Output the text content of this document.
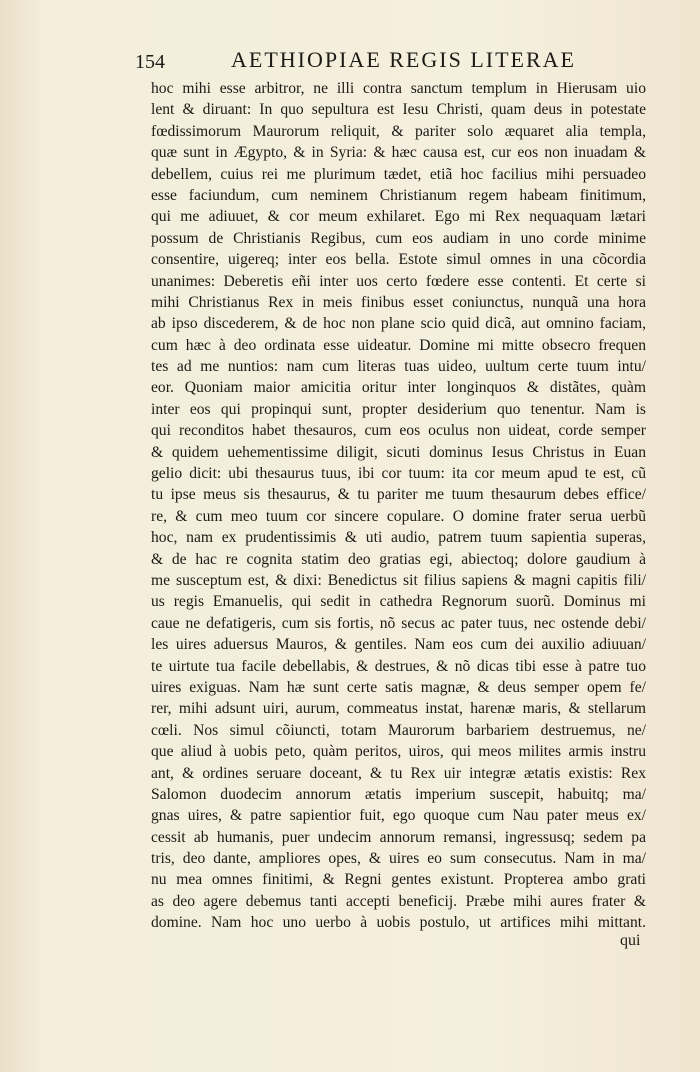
154	AETHIOPIAE REGIS LITERAE
hoc mihi esse arbitror, ne illi contra sanctum templum in Hierusam uio
lent & diruant: In quo sepultura est Iesu Christi, quam deus in potestate
fœdissimorum Maurorum reliquit, & pariter solo æquaret alia templa,
quæ sunt in Ægypto, & in Syria: & hæc causa est, cur eos non inuadam &
debellem, cuius rei me plurimum tædet, etiã hoc facilius mihi persuadeo
esse faciundum, cum neminem Christianum regem habeam finitimum,
qui me adiuuet, & cor meum exhilaret. Ego mi Rex nequaquam lætari
possum de Christianis Regibus, cum eos audiam in uno corde minime
consentire, uigereq; inter eos bella. Estote simul omnes in una cõcordia
unanimes: Deberetis eñi inter uos certo fœdere esse contenti. Et certe si
mihi Christianus Rex in meis finibus esset coniunctus, nunquã una hora
ab ipso discederem, & de hoc non plane scio quid dicã, aut omnino faciam,
cum hæc à deo ordinata esse uideatur. Domine mi mitte obsecro frequen
tes ad me nuntios: nam cum literas tuas uideo, uultum certe tuum intu/
eor. Quoniam maior amicitia oritur inter longinquos & distãtes, quàm
inter eos qui propinqui sunt, propter desiderium quo tenentur. Nam is
qui reconditos habet thesauros, cum eos oculus non uideat, corde semper
& quidem uehementissime diligit, sicuti dominus Iesus Christus in Euan
gelio dicit: ubi thesaurus tuus, ibi cor tuum: ita cor meum apud te est, cũ
tu ipse meus sis thesaurus, & tu pariter me tuum thesaurum debes effice/
re, & cum meo tuum cor sincere copulare. O domine frater serua uerbũ
hoc, nam ex prudentissimis & uti audio, patrem tuum sapientia superas,
& de hac re cognita statim deo gratias egi, abiectoq; dolore gaudium à
me susceptum est, & dixi: Benedictus sit filius sapiens & magni capitis fili/
us regis Emanuelis, qui sedit in cathedra Regnorum suorũ. Dominus mi
caue ne defatigeris, cum sis fortis, nõ secus ac pater tuus, nec ostende debi/
les uires aduersus Mauros, & gentiles. Nam eos cum dei auxilio adiuuan/
te uirtute tua facile debellabis, & destrues, & nõ dicas tibi esse à patre tuo
uires exiguas. Nam hæ sunt certe satis magnæ, & deus semper opem fe/
rer, mihi adsunt uiri, aurum, commeatus instat, harenæ maris, & stellarum
cœli. Nos simul cõiuncti, totam Maurorum barbariem destruemus, ne/
que aliud à uobis peto, quàm peritos, uiros, qui meos milites armis instru
ant, & ordines seruare doceant, & tu Rex uir integræ ætatis existis: Rex
Salomon duodecim annorum ætatis imperium suscepit, habuitq; ma/
gnas uires, & patre sapientior fuit, ego quoque cum Nau pater meus ex/
cessit ab humanis, puer undecim annorum remansi, ingressusq; sedem pa
tris, deo dante, ampliores opes, & uires eo sum consecutus. Nam in ma/
nu mea omnes finitimi, & Regni gentes existunt. Propterea ambo grati
as deo agere debemus tanti accepti beneficij. Præbe mihi aures frater &
domine. Nam hoc uno uerbo à uobis postulo, ut artifices mihi mittant.
qui
